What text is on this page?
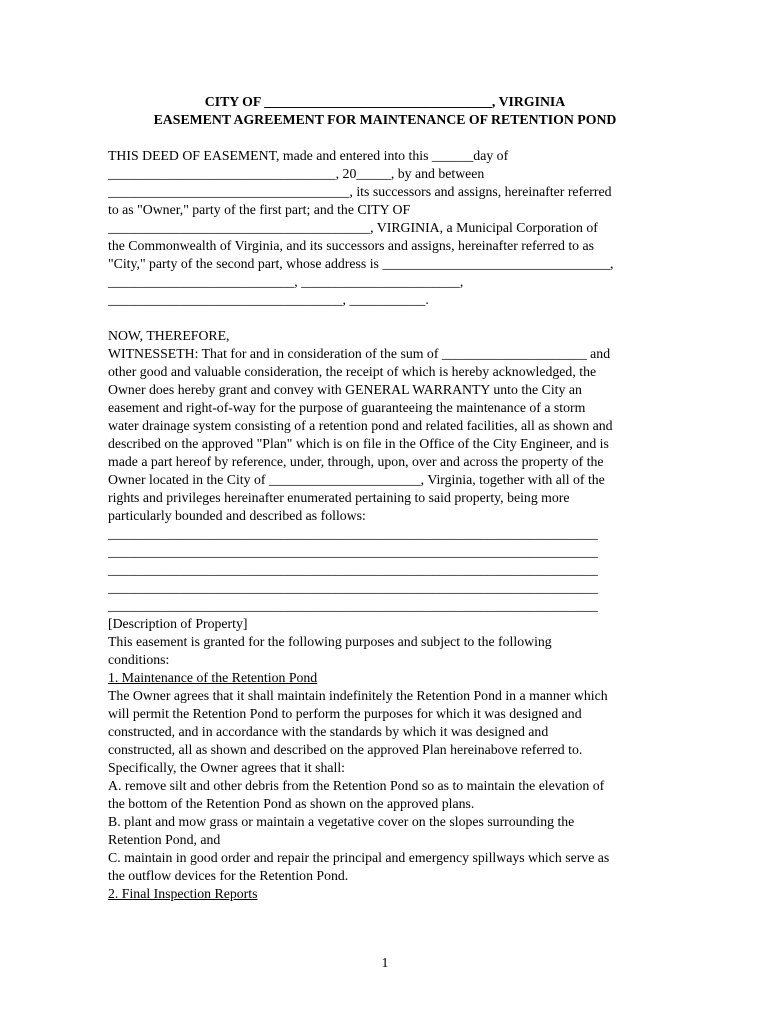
CITY OF _________________________________, VIRGINIA
EASEMENT AGREEMENT FOR MAINTENANCE OF RETENTION POND
THIS DEED OF EASEMENT, made and entered into this ______day of
_________________________________, 20_____, by and between
___________________________________, its successors and assigns, hereinafter referred
to as "Owner," party of the first part; and the CITY OF
______________________________________, VIRGINIA, a Municipal Corporation of
the Commonwealth of Virginia, and its successors and assigns, hereinafter referred to as
"City," party of the second part, whose address is _________________________________,
___________________________, _______________________,
__________________________________, ___________.
NOW, THEREFORE,
WITNESSETH: That for and in consideration of the sum of _____________________ and
other good and valuable consideration, the receipt of which is hereby acknowledged, the
Owner does hereby grant and convey with GENERAL WARRANTY unto the City an
easement and right-of-way for the purpose of guaranteeing the maintenance of a storm
water drainage system consisting of a retention pond and related facilities, all as shown and
described on the approved "Plan" which is on file in the Office of the City Engineer, and is
made a part hereof by reference, under, through, upon, over and across the property of the
Owner located in the City of ______________________, Virginia, together with all of the
rights and privileges hereinafter enumerated pertaining to said property, being more
particularly bounded and described as follows:
_______________________________________________________________________
_______________________________________________________________________
_______________________________________________________________________
_______________________________________________________________________
_______________________________________________________________________
[Description of Property]
This easement is granted for the following purposes and subject to the following
conditions:
1. Maintenance of the Retention Pond
The Owner agrees that it shall maintain indefinitely the Retention Pond in a manner which
will permit the Retention Pond to perform the purposes for which it was designed and
constructed, and in accordance with the standards by which it was designed and
constructed, all as shown and described on the approved Plan hereinabove referred to.
Specifically, the Owner agrees that it shall:
A. remove silt and other debris from the Retention Pond so as to maintain the elevation of
the bottom of the Retention Pond as shown on the approved plans.
B. plant and mow grass or maintain a vegetative cover on the slopes surrounding the
Retention Pond, and
C. maintain in good order and repair the principal and emergency spillways which serve as
the outflow devices for the Retention Pond.
2. Final Inspection Reports
1
